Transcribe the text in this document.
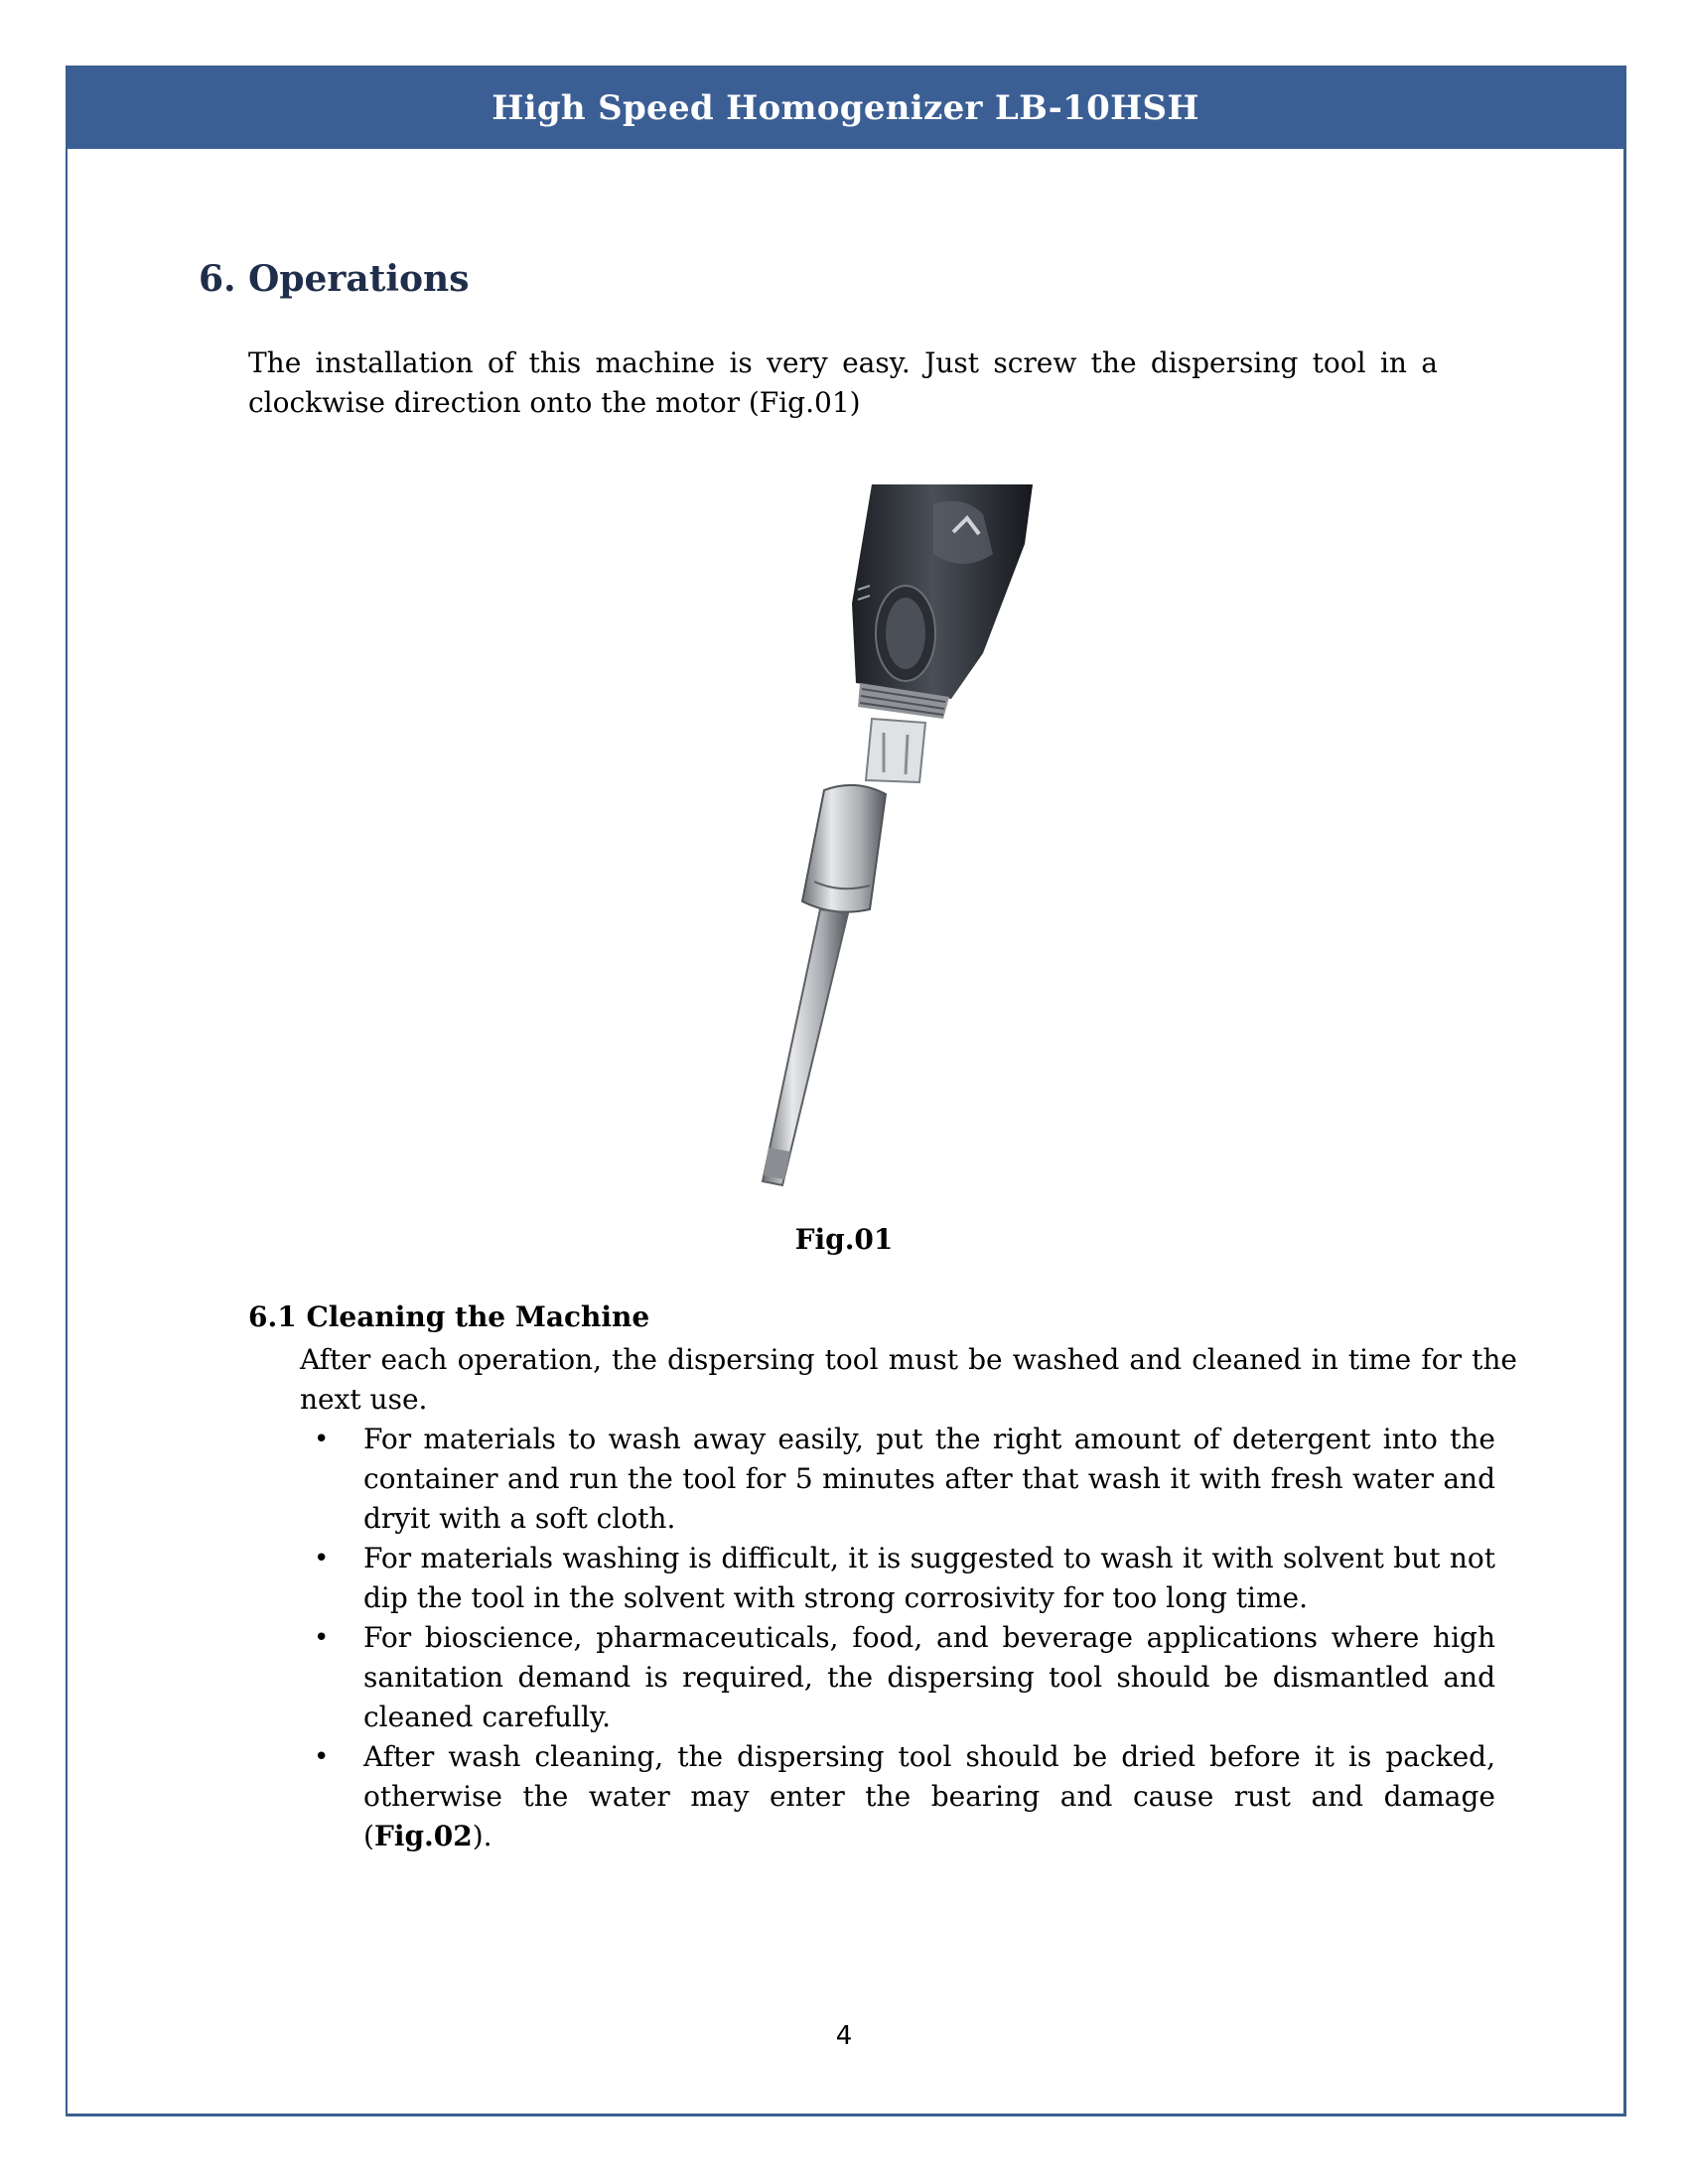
High Speed Homogenizer LB-10HSH
6. Operations

The installation of this machine is very easy. Just screw the dispersing tool in a clockwise direction onto the motor (Fig.01)

Fig.01
6.1 Cleaning the Machine

After each operation, the dispersing tool must be washed and cleaned in time for the next use.

•	For materials to wash away easily, put the right amount of detergent into the container and run the tool for 5 minutes after that wash it with fresh water and dryit with a soft cloth.
•	For materials washing is difficult, it is suggested to wash it with solvent but not dip the tool in the solvent with strong corrosivity for too long time.
•	For bioscience, pharmaceuticals, food, and beverage applications where high sanitation demand is required, the dispersing tool should be dismantled and cleaned carefully.
•	After wash cleaning, the dispersing tool should be dried before it is packed, otherwise the water may enter the bearing and cause rust and damage (Fig.02).
4
